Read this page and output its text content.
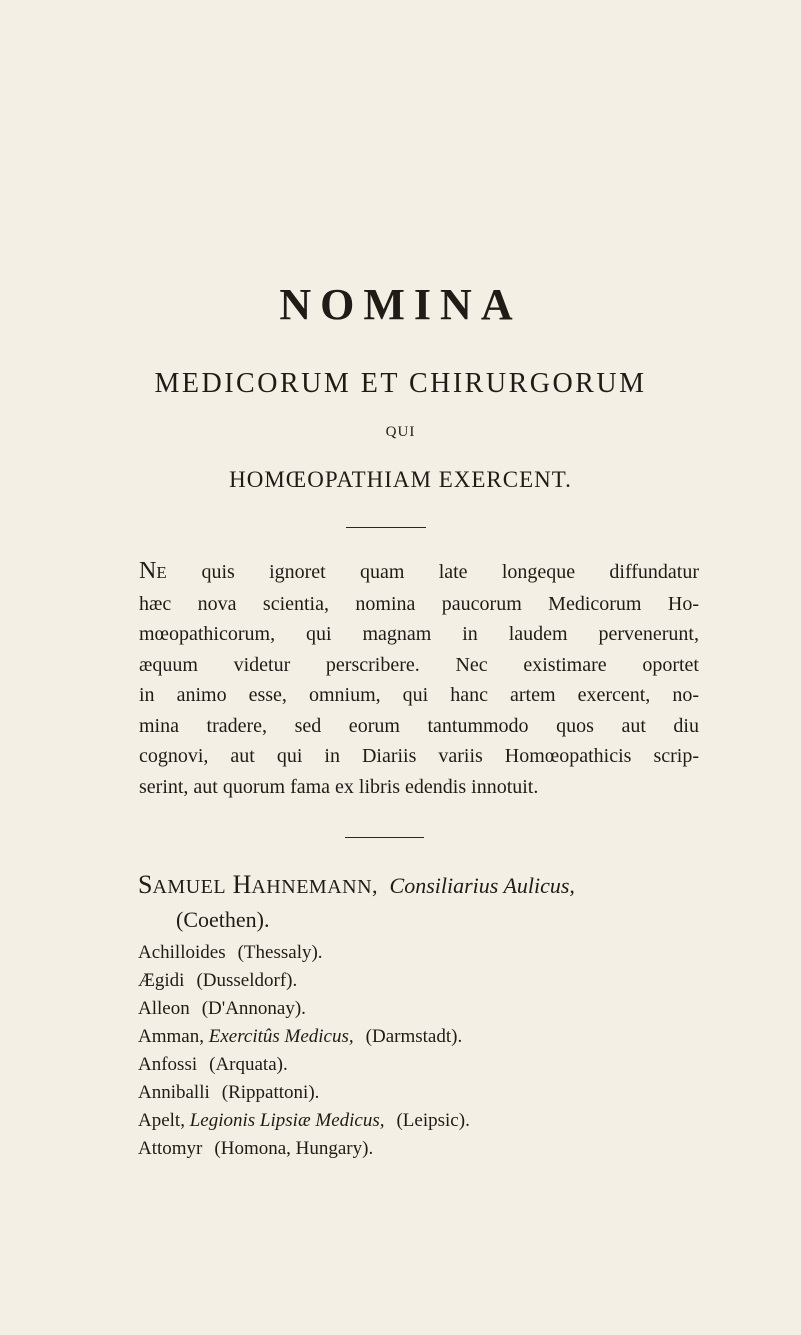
NOMINA
MEDICORUM ET CHIRURGORUM
QUI
HOMŒOPATHIAM EXERCENT.
NE quis ignoret quam late longeque diffundatur
hæc nova scientia, nomina paucorum Medicorum Ho-
mœopathicorum, qui magnam in laudem pervenerunt,
æquum videtur perscribere. Nec existimare oportet
in animo esse, omnium, qui hanc artem exercent, no-
mina tradere, sed eorum tantummodo quos aut diu
cognovi, aut qui in Diariis variis Homœopathicis scrip-
serint, aut quorum fama ex libris edendis innotuit.
SAMUEL HAHNEMANN, Consiliarius Aulicus,
(Coethen).
Achilloides (Thessaly).
Ægidi (Dusseldorf).
Alleon (D'Annonay).
Amman, Exercitûs Medicus, (Darmstadt).
Anfossi (Arquata).
Anniballi (Rippattoni).
Apelt, Legionis Lipsiæ Medicus, (Leipsic).
Attomyr (Homona, Hungary).
